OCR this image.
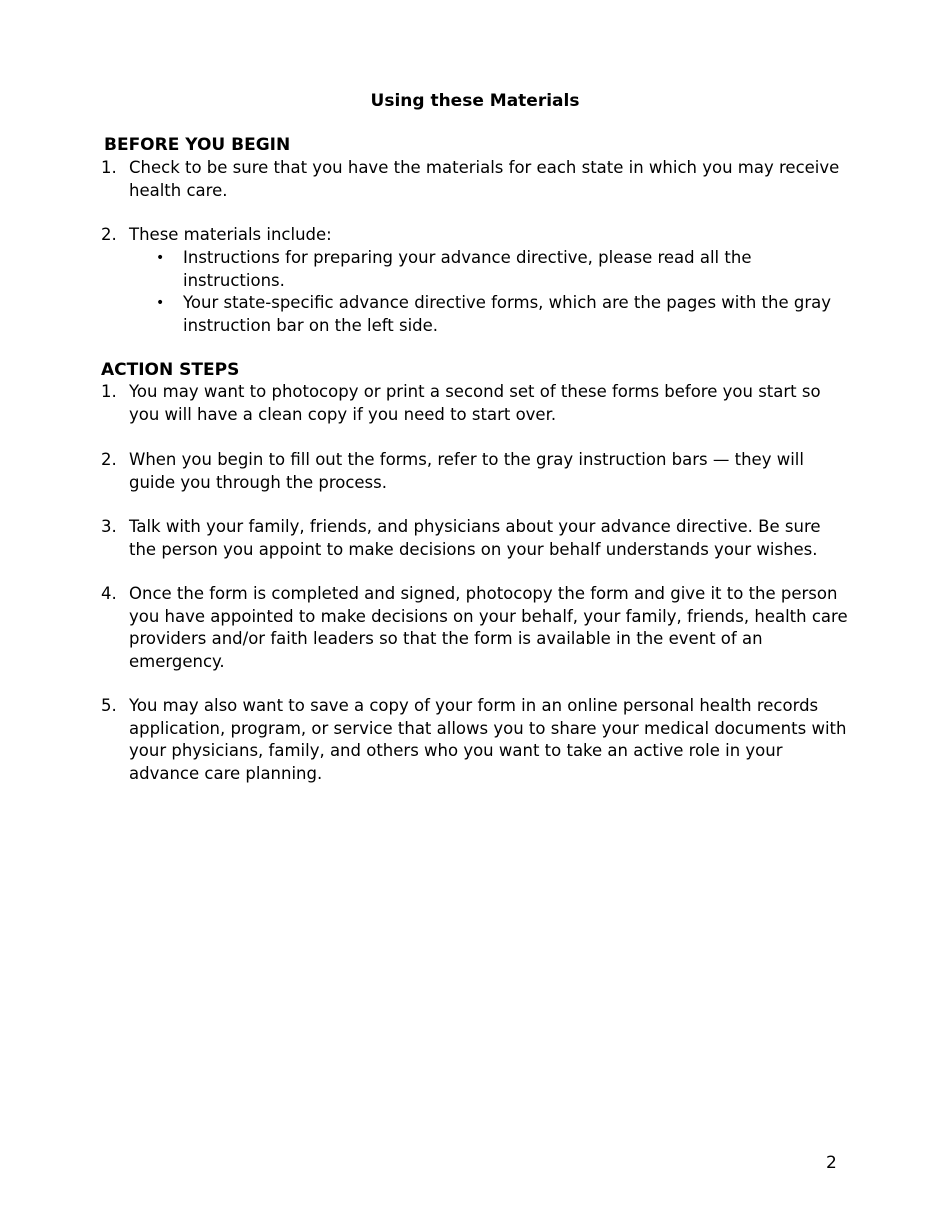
Using these Materials
BEFORE YOU BEGIN
1. Check to be sure that you have the materials for each state in which you may receive health care.
2. These materials include:
• Instructions for preparing your advance directive, please read all the instructions.
• Your state-specific advance directive forms, which are the pages with the gray instruction bar on the left side.
ACTION STEPS
1. You may want to photocopy or print a second set of these forms before you start so you will have a clean copy if you need to start over.
2. When you begin to fill out the forms, refer to the gray instruction bars — they will guide you through the process.
3. Talk with your family, friends, and physicians about your advance directive. Be sure the person you appoint to make decisions on your behalf understands your wishes.
4. Once the form is completed and signed, photocopy the form and give it to the person you have appointed to make decisions on your behalf, your family, friends, health care providers and/or faith leaders so that the form is available in the event of an emergency.
5. You may also want to save a copy of your form in an online personal health records application, program, or service that allows you to share your medical documents with your physicians, family, and others who you want to take an active role in your advance care planning.
2
